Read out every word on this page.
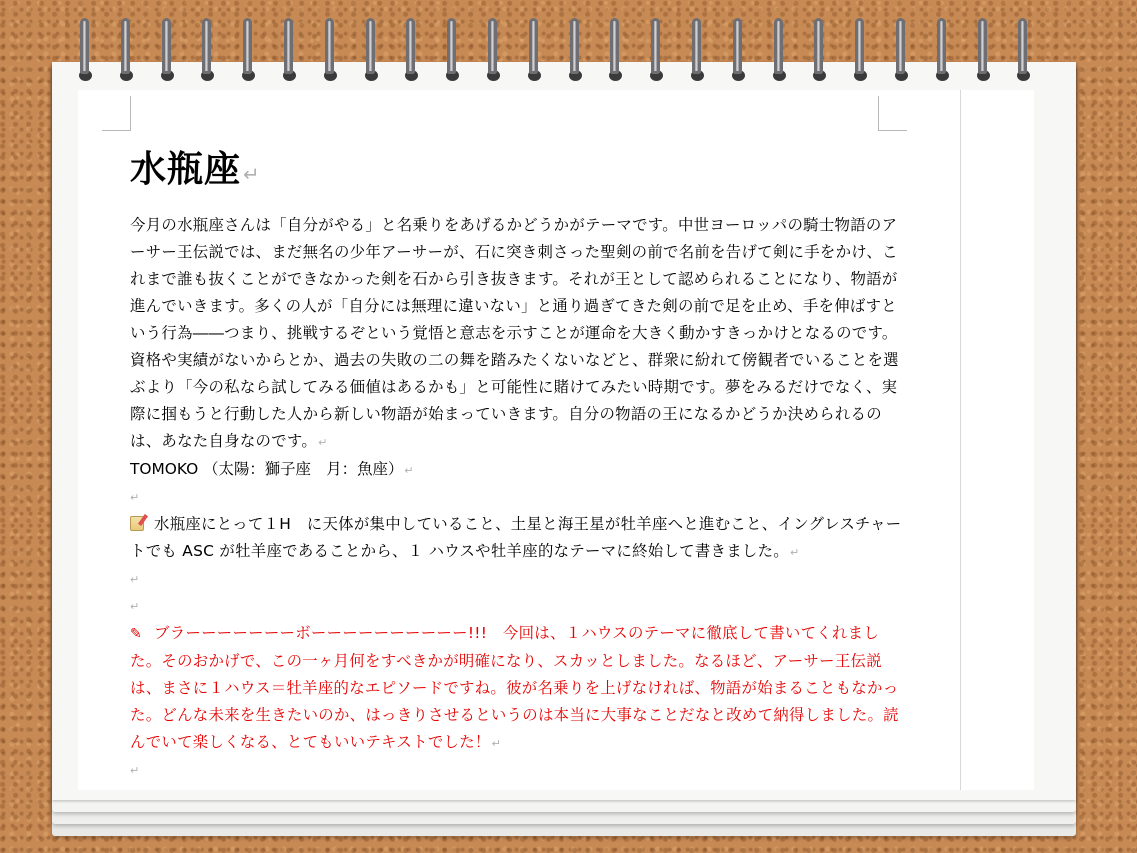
水瓶座 ↵

今月の水瓶座さんは「自分がやる」と名乗りをあげるかどうかがテーマです。中世ヨーロッパの騎士物語のアーサー王伝説では、まだ無名の少年アーサーが、石に突き刺さった聖剣の前で名前を告げて剣に手をかけ、これまで誰も抜くことができなかった剣を石から引き抜きます。それが王として認められることになり、物語が進んでいきます。多くの人が「自分には無理に違いない」と通り過ぎてきた剣の前で足を止め、手を伸ばすという行為――つまり、挑戦するぞという覚悟と意志を示すことが運命を大きく動かすきっかけとなるのです。資格や実績がないからとか、過去の失敗の二の舞を踏みたくないなどと、群衆に紛れて傍観者でいることを選ぶより「今の私なら試してみる価値はあるかも」と可能性に賭けてみたい時期です。夢をみるだけでなく、実際に掴もうと行動した人から新しい物語が始まっていきます。自分の物語の王になるかどうか決められるのは、あなた自身なのです。↵

TOMOKO （太陽：獅子座　月：魚座）↵

↵

水瓶座にとって１H　に天体が集中していること、土星と海王星が牡羊座へと進むこと、イングレスチャートでも ASC が牡羊座であることから、１ ハウスや牡羊座的なテーマに終始して書きました。↵

↵

↵

✎ ブラーーーーーーーボーーーーーーーーーー!!!　今回は、１ハウスのテーマに徹底して書いてくれました。そのおかげで、この一ヶ月何をすべきかが明確になり、スカッとしました。なるほど、アーサー王伝説は、まさに１ハウス＝牡羊座的なエピソードですね。彼が名乗りを上げなければ、物語が始まることもなかった。どんな未来を生きたいのか、はっきりさせるというのは本当に大事なことだなと改めて納得しました。読んでいて楽しくなる、とてもいいテキストでした！↵

↵
